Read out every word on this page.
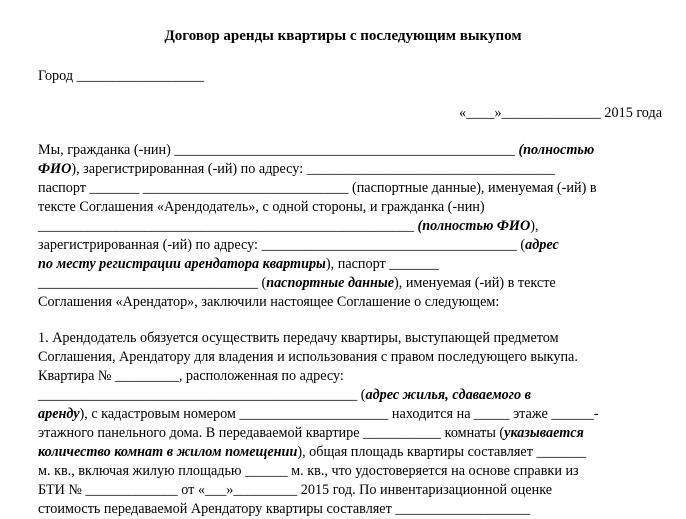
Договор аренды квартиры с последующим выкупом
Город __________________
«____»______________ 2015 года
Мы, гражданка (-нин) ________________________________________________ (полностью
ФИО), зарегистрированная (-ий) по адресу: ___________________________________
паспорт _______ _____________________________ (паспортные данные), именуемая (-ий) в
тексте Соглашения «Арендодатель», с одной стороны, и гражданка (-нин)
_____________________________________________________ (полностью ФИО),
зарегистрированная (-ий) по адресу: ____________________________________ (адрес
по месту регистрации арендатора квартиры), паспорт _______
_______________________________ (паспортные данные), именуемая (-ий) в тексте
Соглашения «Арендатор», заключили настоящее Соглашение о следующем:
1. Арендодатель обязуется осуществить передачу квартиры, выступающей предметом
Соглашения, Арендатору для владения и использования с правом последующего выкупа.
Квартира № _________, расположенная по адресу:
_____________________________________________ (адрес жилья, сдаваемого в
аренду), с кадастровым номером _____________________ находится на _____ этаже ______-
этажного панельного дома. В передаваемой квартире ___________ комнаты (указывается
количество комнат в жилом помещении), общая площадь квартиры составляет _______
м. кв., включая жилую площадью ______ м. кв., что удостоверяется на основе справки из
БТИ № _____________ от «___»_________ 2015 год. По инвентаризационной оценке
стоимость передаваемой Арендатору квартиры составляет ___________________
